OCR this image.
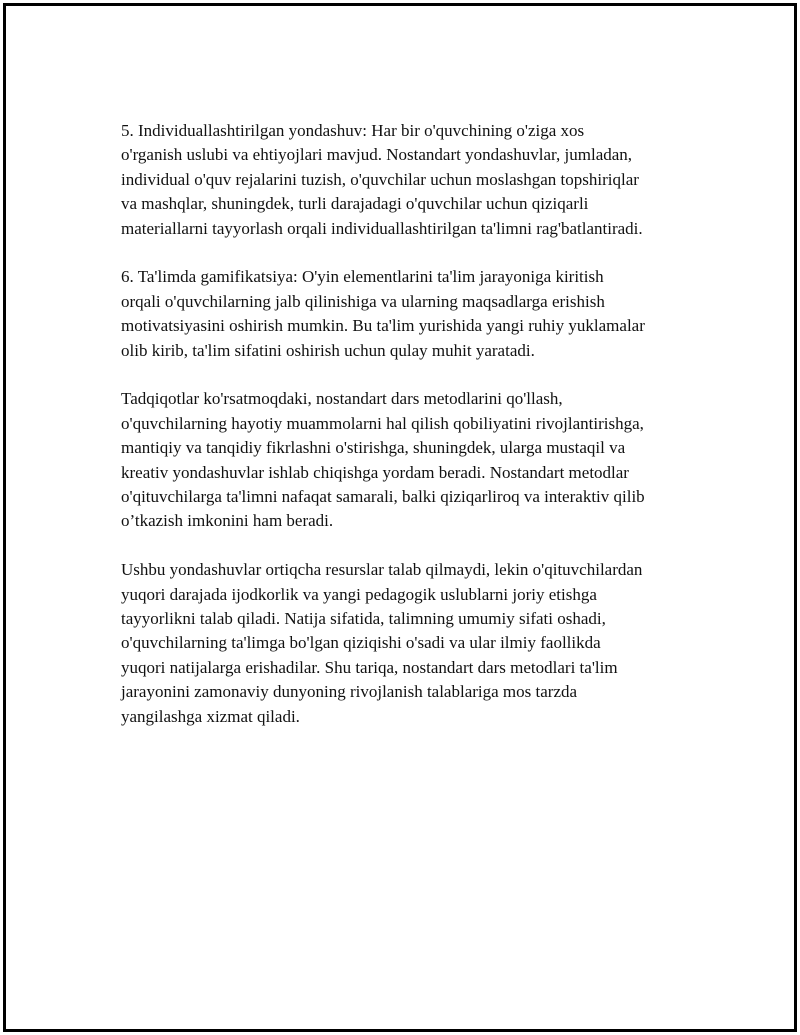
5. Individuallashtirilgan yondashuv: Har bir o'quvchining o'ziga xos
o'rganish uslubi va ehtiyojlari mavjud. Nostandart yondashuvlar, jumladan,
individual o'quv rejalarini tuzish, o'quvchilar uchun moslashgan topshiriqlar
va mashqlar, shuningdek, turli darajadagi o'quvchilar uchun qiziqarli
materiallarni tayyorlash orqali individuallashtirilgan ta'limni rag'batlantiradi.

6. Ta'limda gamifikatsiya: O'yin elementlarini ta'lim jarayoniga kiritish
orqali o'quvchilarning jalb qilinishiga va ularning maqsadlarga erishish
motivatsiyasini oshirish mumkin. Bu ta'lim yurishida yangi ruhiy yuklamalar
olib kirib, ta'lim sifatini oshirish uchun qulay muhit yaratadi.

Tadqiqotlar ko'rsatmoqdaki, nostandart dars metodlarini qo'llash,
o'quvchilarning hayotiy muammolarni hal qilish qobiliyatini rivojlantirishga,
mantiqiy va tanqidiy fikrlashni o'stirishga, shuningdek, ularga mustaqil va
kreativ yondashuvlar ishlab chiqishga yordam beradi. Nostandart metodlar
o'qituvchilarga ta'limni nafaqat samarali, balki qiziqarliroq va interaktiv qilib
o’tkazish imkonini ham beradi.

Ushbu yondashuvlar ortiqcha resurslar talab qilmaydi, lekin o'qituvchilardan
yuqori darajada ijodkorlik va yangi pedagogik uslublarni joriy etishga
tayyorlikni talab qiladi. Natija sifatida, talimning umumiy sifati oshadi,
o'quvchilarning ta'limga bo'lgan qiziqishi o'sadi va ular ilmiy faollikda
yuqori natijalarga erishadilar. Shu tariqa, nostandart dars metodlari ta'lim
jarayonini zamonaviy dunyoning rivojlanish talablariga mos tarzda
yangilashga xizmat qiladi.
